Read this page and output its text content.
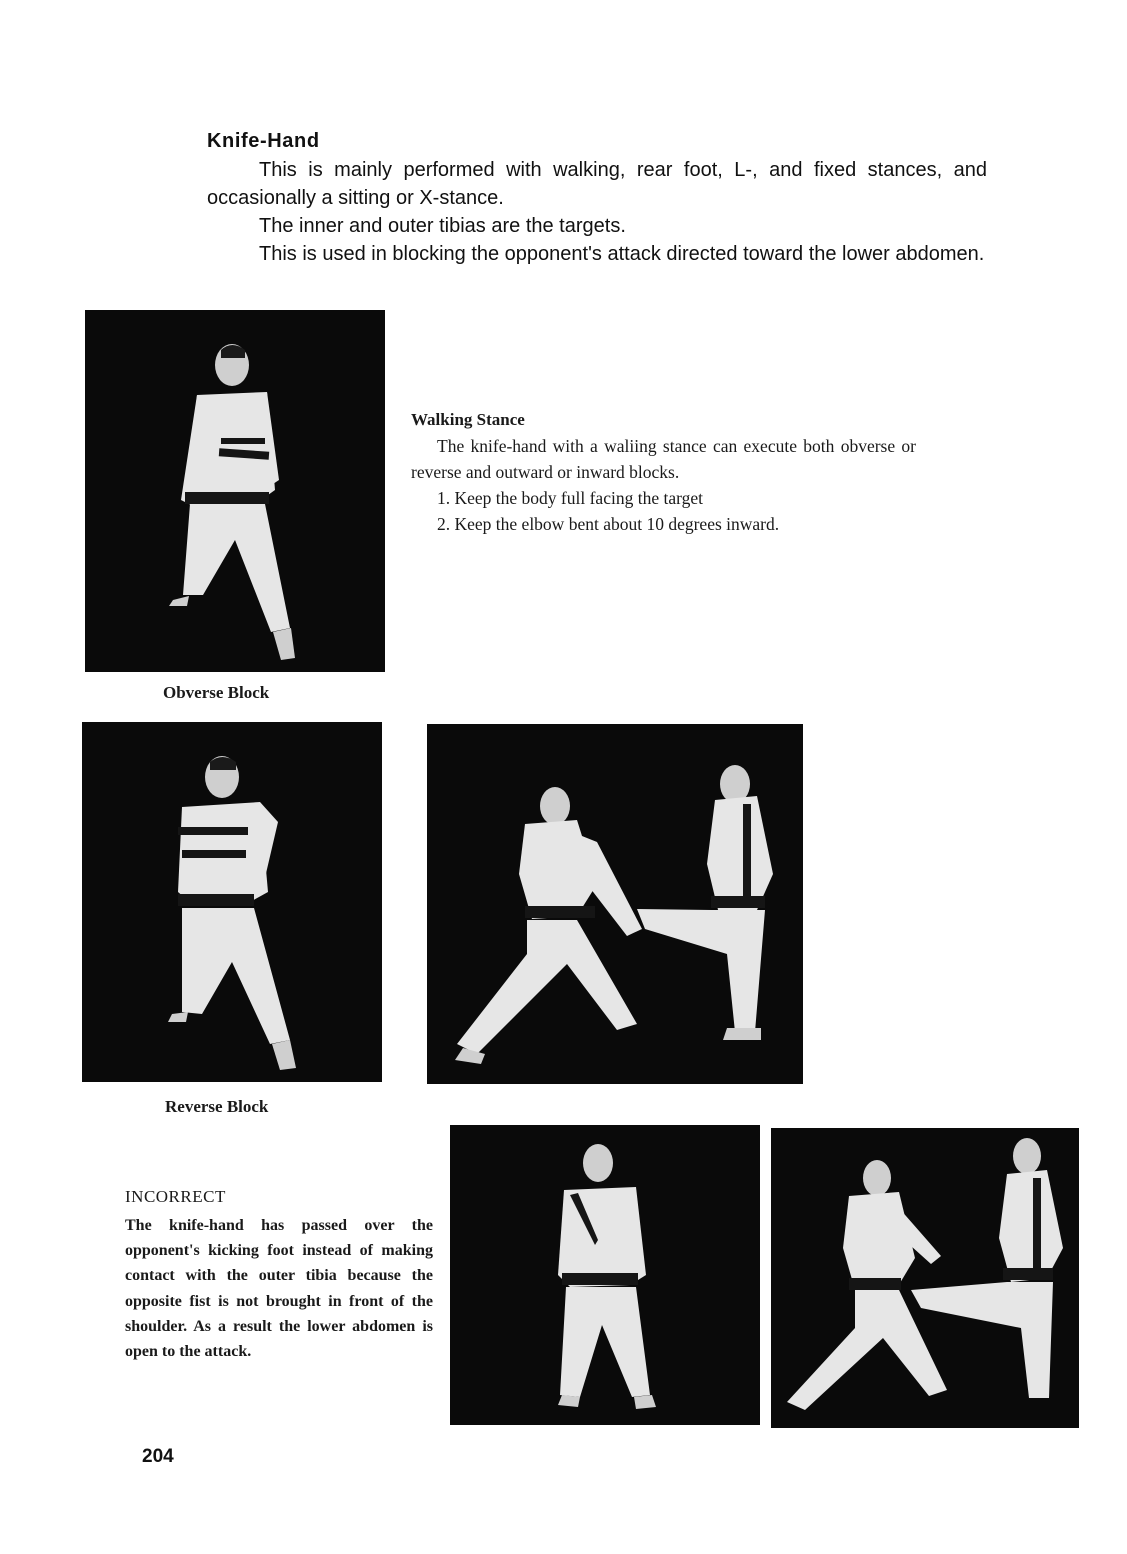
Knife-Hand

This is mainly performed with walking, rear foot, L-, and fixed stances, and occasionally a sitting or X-stance.

The inner and outer tibias are the targets.

This is used in blocking the opponent's attack directed toward the lower abdomen.

Walking Stance

The knife-hand with a waliing stance can execute both obverse or reverse and outward or inward blocks.

1. Keep the body full facing the target

2. Keep the elbow bent about 10 degrees inward.

Obverse Block
Reverse Block

INCORRECT

The knife-hand has passed over the opponent's kicking foot instead of making contact with the outer tibia because the opposite fist is not brought in front of the shoulder. As a result the lower abdomen is open to the attack.

204
